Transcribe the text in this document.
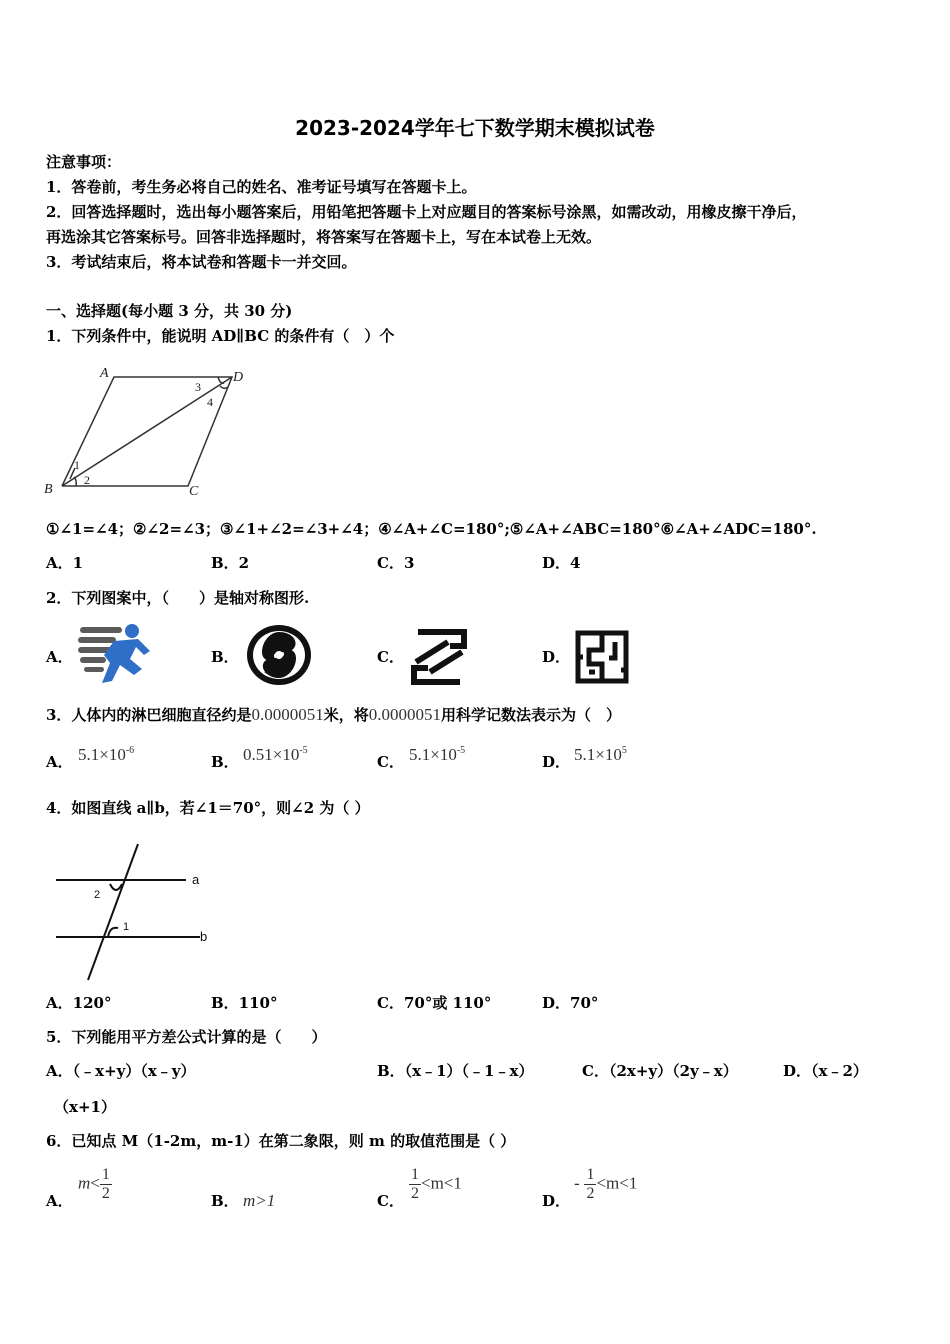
2023-2024学年七下数学期末模拟试卷
注意事项：
1．答卷前，考生务必将自己的姓名、准考证号填写在答题卡上。
2．回答选择题时，选出每小题答案后，用铅笔把答题卡上对应题目的答案标号涂黑，如需改动，用橡皮擦干净后，
再选涂其它答案标号。回答非选择题时，将答案写在答题卡上，写在本试卷上无效。
3．考试结束后，将本试卷和答题卡一并交回。
一、选择题(每小题 3 分，共 30 分)
1．下列条件中，能说明 AD∥BC 的条件有（　）个
A	D
B	C
1
2
3
4
①∠1=∠4；②∠2=∠3；③∠1+∠2=∠3+∠4；④∠A+∠C=180°;⑤∠A+∠ABC=180°⑥∠A+∠ADC=180°.
A．1	B．2	C．3	D．4
2．下列图案中，（　　）是轴对称图形.
A．	B．	C．	D．
3．人体内的淋巴细胞直径约是0.0000051米，将0.0000051用科学记数法表示为（　）
A． $5.1\times 10^{-6}$
B． $0.51\times 10^{-5}$
C． $5.1\times 10^{-5}$
D． $5.1\times 10^5$
4．如图直线 a∥b，若∠1＝70°，则∠2 为（ ）
a
b
1
2
A．120°	B．110°	C．70°或 110°	D．70°
5．下列能用平方差公式计算的是（　　）
A．（﹣x+y）（x﹣y）	B．（x﹣1）（﹣1﹣x）	C．（2x+y）（2y﹣x）	D．（x﹣2）
（x+1）
6．已知点 M（1-2m，m-1）在第二象限，则 m 的取值范围是（ ）
A．
$m< \frac{1}{2}$	B． m>1	C． $\frac{1}{2} <m<1$
D．
- $\frac{1}{2} <m<1$
